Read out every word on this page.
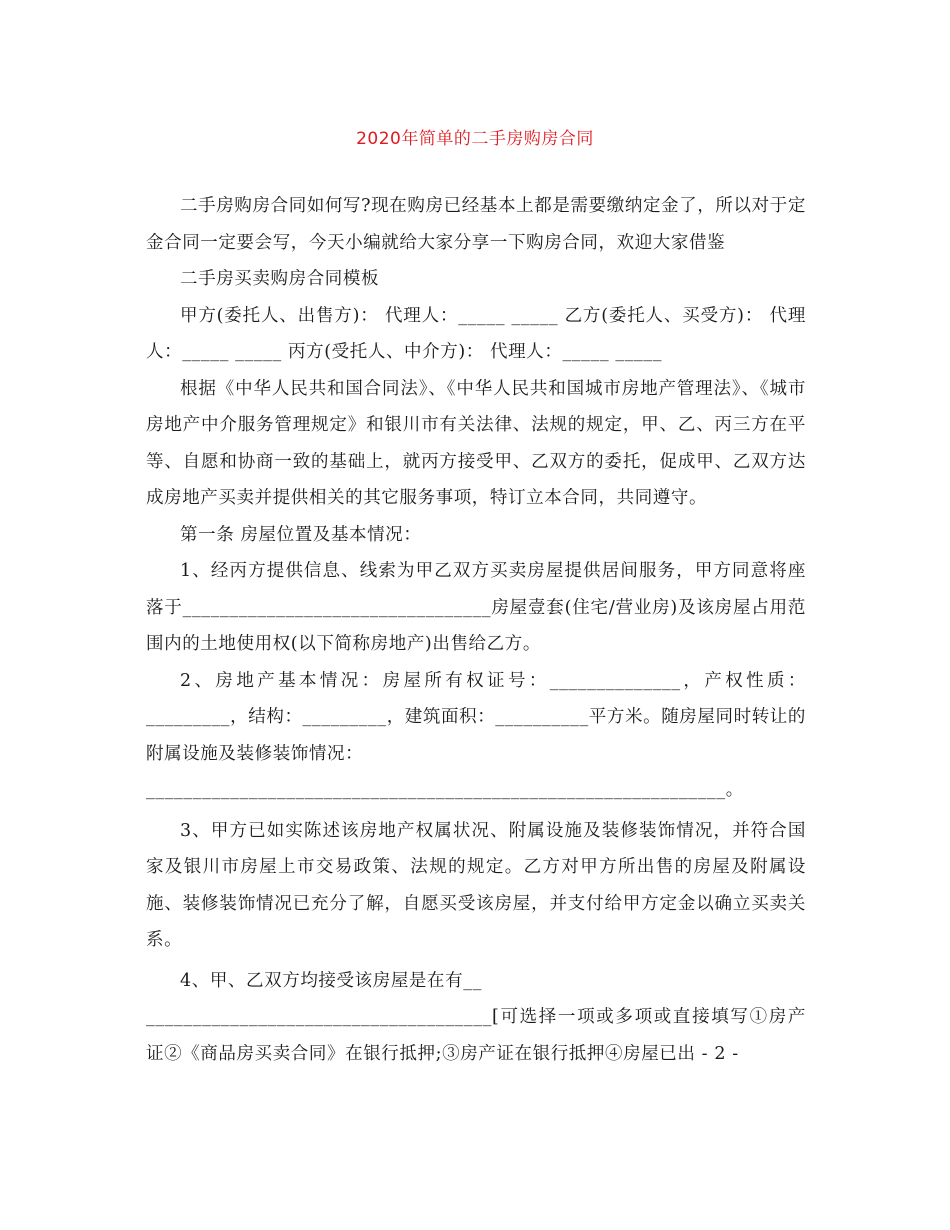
2020年简单的二手房购房合同

二手房购房合同如何写?现在购房已经基本上都是需要缴纳定金了，所以对于定金合同一定要会写，今天小编就给大家分享一下购房合同，欢迎大家借鉴

二手房买卖购房合同模板

甲方(委托人、出售方)： 代理人：_____ _____ 乙方(委托人、买受方)： 代理人：_____ _____ 丙方(受托人、中介方)： 代理人：_____ _____

根据《中华人民共和国合同法》、《中华人民共和国城市房地产管理法》、《城市房地产中介服务管理规定》和银川市有关法律、法规的规定，甲、乙、丙三方在平等、自愿和协商一致的基础上，就丙方接受甲、乙双方的委托，促成甲、乙双方达成房地产买卖并提供相关的其它服务事项，特订立本合同，共同遵守。

第一条 房屋位置及基本情况：

1、经丙方提供信息、线索为甲乙双方买卖房屋提供居间服务，甲方同意将座落于_________________________________房屋壹套(住宅/营业房)及该房屋占用范围内的土地使用权(以下简称房地产)出售给乙方。

2、房地产基本情况：房屋所有权证号：______________，产权性质：_________，结构：_________，建筑面积：__________平方米。随房屋同时转让的附属设施及装修装饰情况：

______________________________________________________________。

3、甲方已如实陈述该房地产权属状况、附属设施及装修装饰情况，并符合国家及银川市房屋上市交易政策、法规的规定。乙方对甲方所出售的房屋及附属设施、装修装饰情况已充分了解，自愿买受该房屋，并支付给甲方定金以确立买卖关系。

4、甲、乙双方均接受该房屋是在有__

_____________________________________[可选择一项或多项或直接填写①房产证②《商品房买卖合同》在银行抵押;③房产证在银行抵押④房屋已出 - 2 -
